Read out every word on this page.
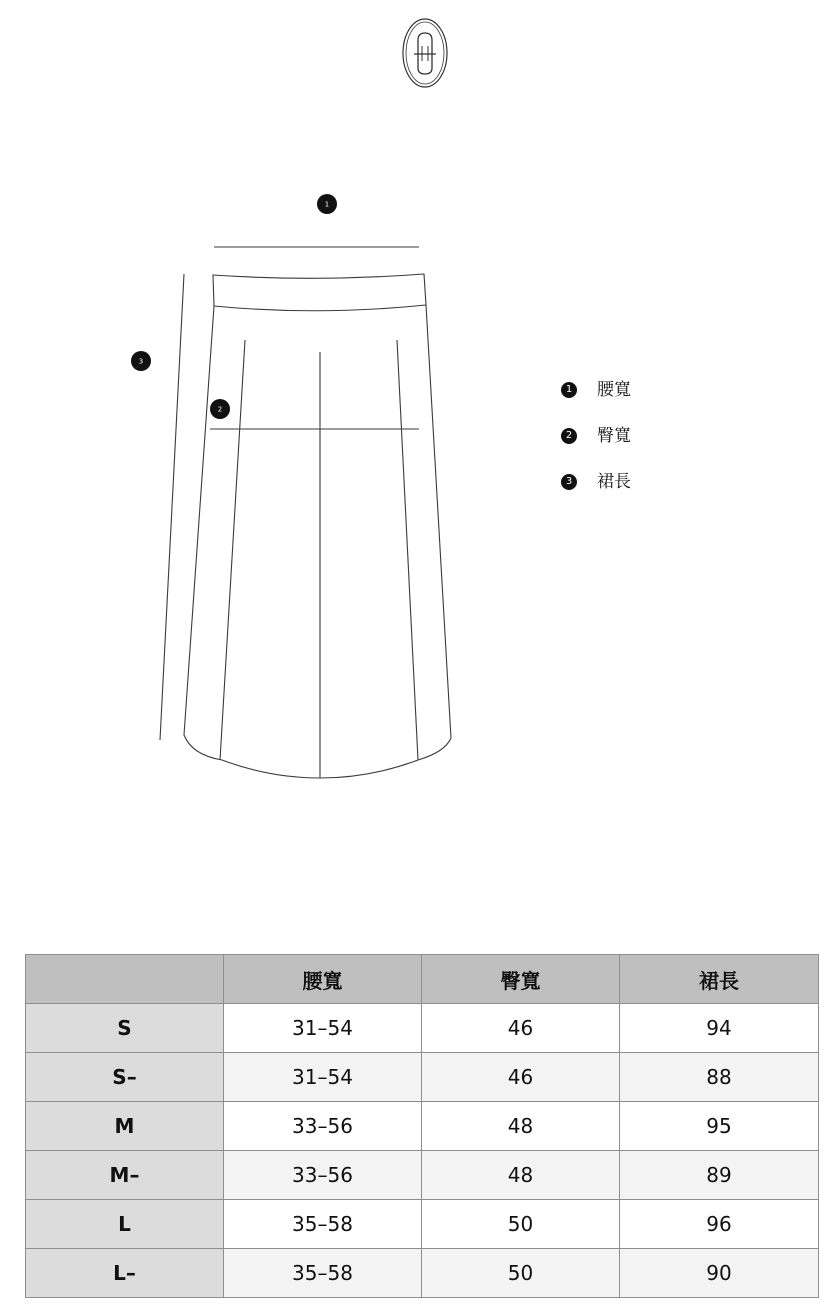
1
2
3
1 腰寬
2 臀寬
3 裙長
	腰寬	臀寬	裙長
S	31–54	46	94
S–	31–54	46	88
M	33–56	48	95
M–	33–56	48	89
L	35–58	50	96
L–	35–58	50	90
